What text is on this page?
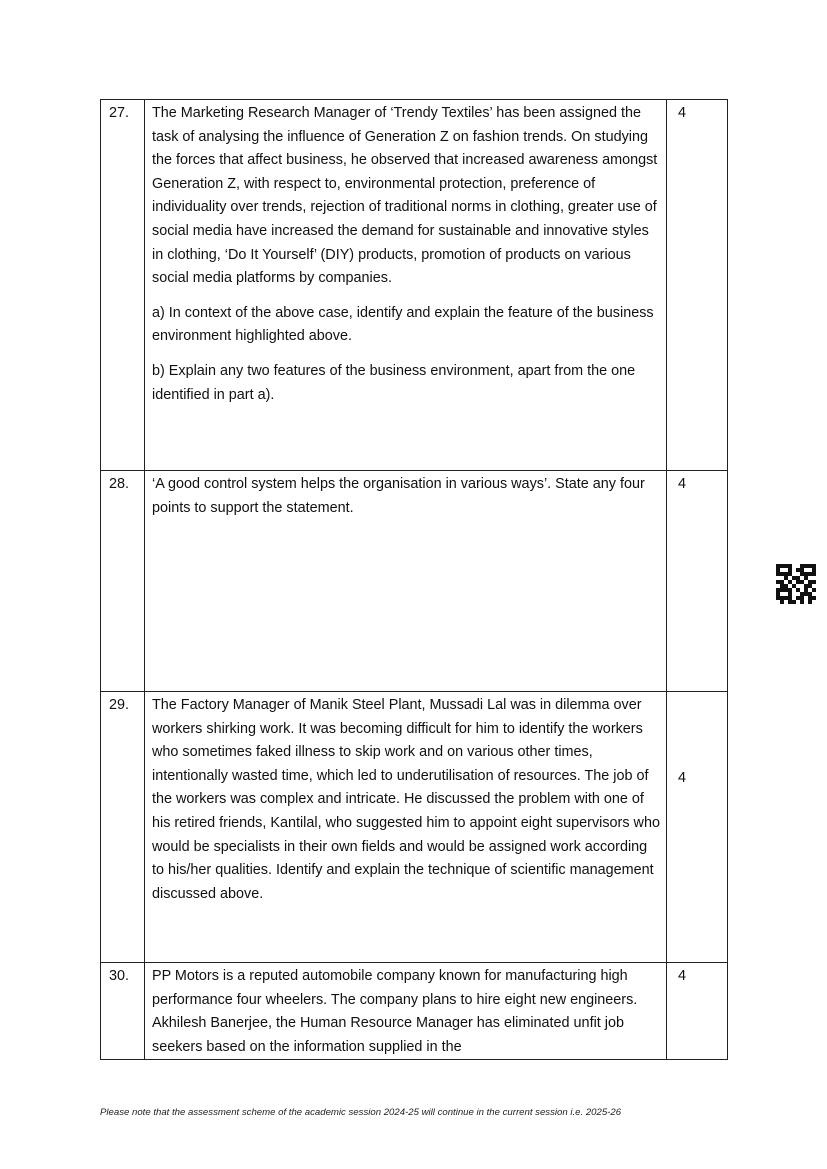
27.	The Marketing Research Manager of ‘Trendy Textiles’ has been assigned the task of analysing the influence of Generation Z on fashion trends. On studying the forces that affect business, he observed that increased awareness amongst Generation Z, with respect to, environmental protection, preference of individuality over trends, rejection of traditional norms in clothing, greater use of social media have increased the demand for sustainable and innovative styles in clothing, ‘Do It Yourself’ (DIY) products, promotion of products on various social media platforms by companies.

a) In context of the above case, identify and explain the feature of the business environment highlighted above.

b) Explain any two features of the business environment, apart from the one identified in part a).	4
28.	‘A good control system helps the organisation in various ways’. State any four points to support the statement.	4
29.	The Factory Manager of Manik Steel Plant, Mussadi Lal was in dilemma over workers shirking work. It was becoming difficult for him to identify the workers who sometimes faked illness to skip work and on various other times, intentionally wasted time, which led to underutilisation of resources. The job of the workers was complex and intricate. He discussed the problem with one of his retired friends, Kantilal, who suggested him to appoint eight supervisors who would be specialists in their own fields and would be assigned work according to his/her qualities. Identify and explain the technique of scientific management discussed above.	4
30.	PP Motors is a reputed automobile company known for manufacturing high performance four wheelers. The company plans to hire eight new engineers. Akhilesh Banerjee, the Human Resource Manager has eliminated unfit job seekers based on the information supplied in the	4
Please note that the assessment scheme of the academic session 2024-25 will continue in the current session i.e. 2025-26
